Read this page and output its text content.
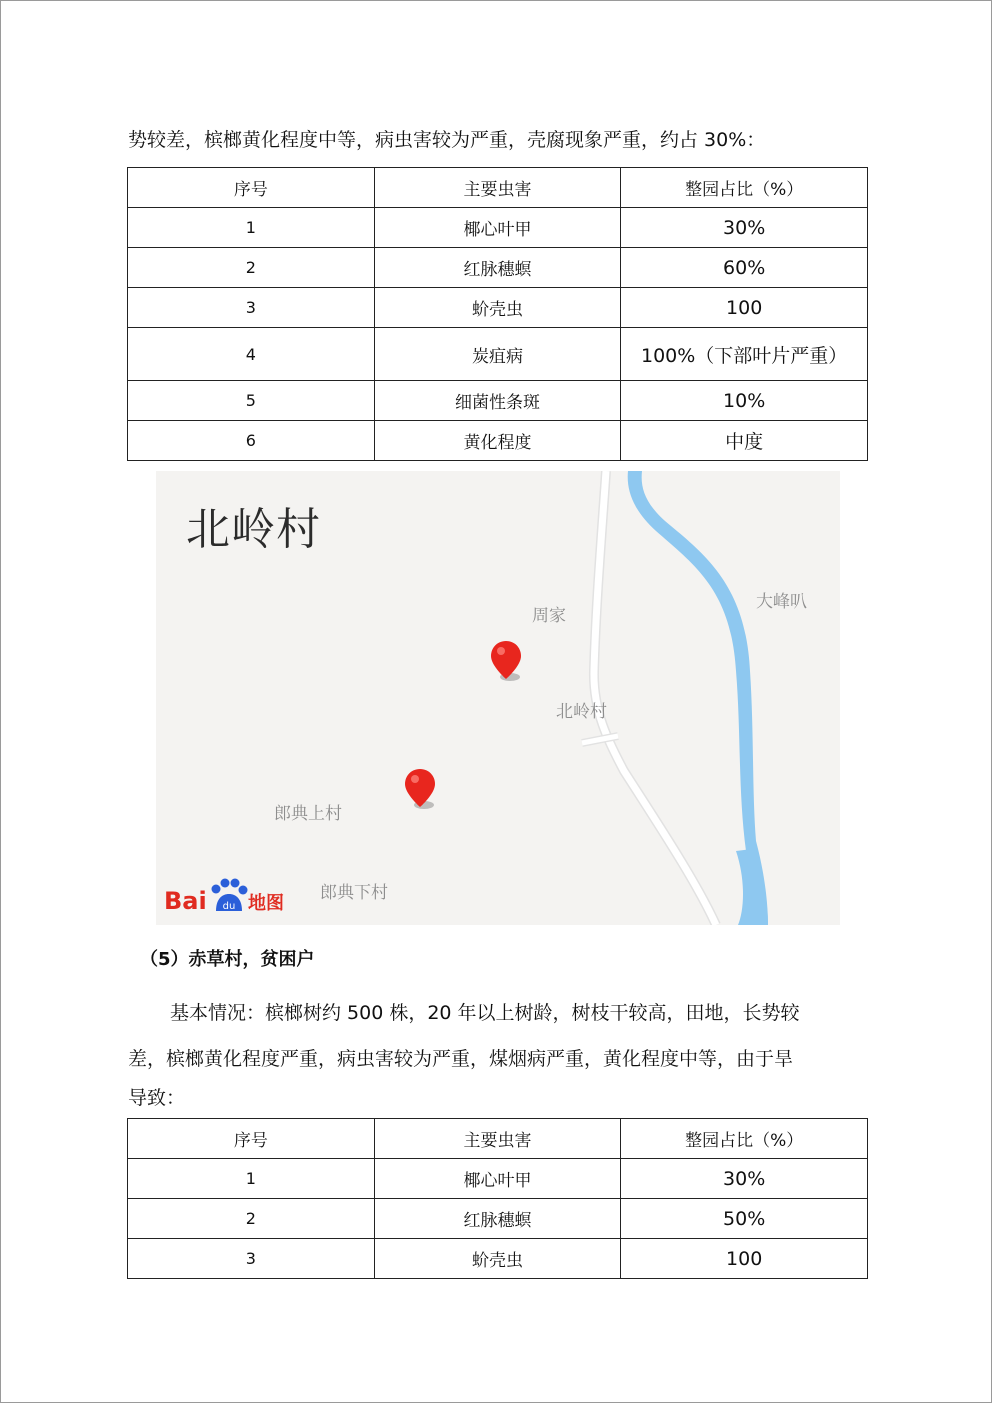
势较差，槟榔黄化程度中等，病虫害较为严重，壳腐现象严重，约占 30%：
序号	主要虫害	整园占比（%）
1	椰心叶甲	30%
2	红脉穗螟	60%
3	蚧壳虫	100
4	炭疽病	100%（下部叶片严重）
5	细菌性条斑	10%
6	黄化程度	中度
北岭村
周家
大峰叭
北岭村
郎典上村
郎典下村
Bai du 地图
（5）赤草村，贫困户
基本情况：槟榔树约 500 株，20 年以上树龄，树枝干较高，田地，长势较
差，槟榔黄化程度严重，病虫害较为严重，煤烟病严重，黄化程度中等，由于旱
导致：
序号	主要虫害	整园占比（%）
1	椰心叶甲	30%
2	红脉穗螟	50%
3	蚧壳虫	100
